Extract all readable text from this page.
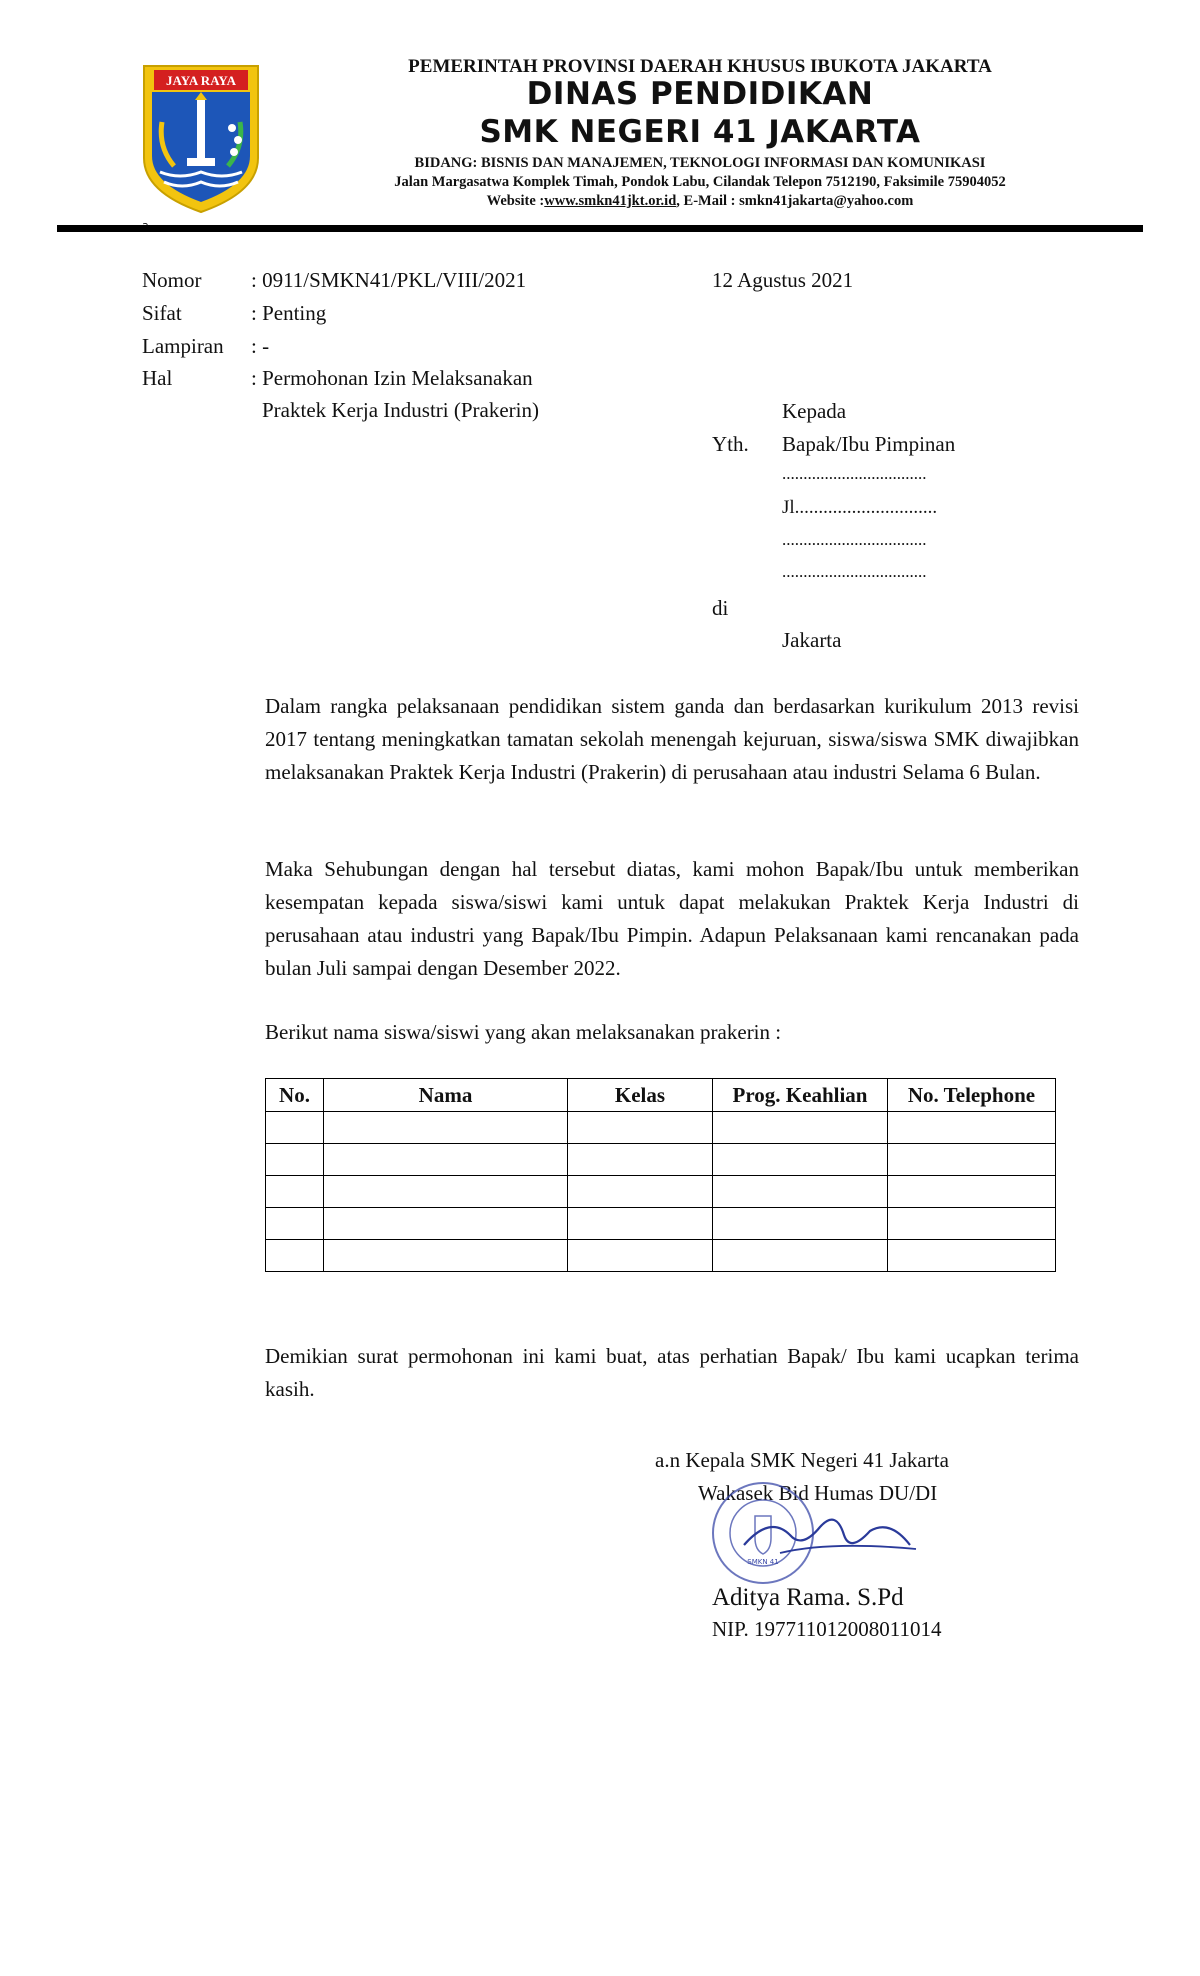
JAYA RAYA
PEMERINTAH PROVINSI DAERAH KHUSUS IBUKOTA JAKARTA
DINAS PENDIDIKAN
SMK NEGERI 41 JAKARTA
BIDANG: BISNIS DAN MANAJEMEN, TEKNOLOGI INFORMASI DAN KOMUNIKASI
Jalan Margasatwa Komplek Timah, Pondok Labu, Cilandak Telepon 7512190, Faksimile 75904052
Website :www.smkn41jkt.or.id, E-Mail : smkn41jakarta@yahoo.com
Nomor : 0911/SMKN41/PKL/VIII/2021	12 Agustus 2021
Sifat	: Penting
Lampiran : -
Hal	: Permohonan Izin Melaksanakan
Praktek Kerja Industri (Prakerin)	Kepada
Yth. Bapak/Ibu Pimpinan
..................................
Jl..............................
..................................
..................................
di
Jakarta
Dalam rangka pelaksanaan pendidikan sistem ganda dan berdasarkan kurikulum 2013 revisi 2017 tentang meningkatkan tamatan sekolah menengah kejuruan, siswa/siswa SMK diwajibkan melaksanakan Praktek Kerja Industri (Prakerin) di perusahaan atau industri Selama 6 Bulan.
Maka Sehubungan dengan hal tersebut diatas, kami mohon Bapak/Ibu untuk memberikan kesempatan kepada siswa/siswi kami untuk dapat melakukan Praktek Kerja Industri di perusahaan atau industri yang Bapak/Ibu Pimpin. Adapun Pelaksanaan kami rencanakan pada bulan Juli sampai dengan Desember 2022.
Berikut nama siswa/siswi yang akan melaksanakan prakerin :
No.	Nama	Kelas	Prog. Keahlian	No. Telephone

Demikian surat permohonan ini kami buat, atas perhatian Bapak/ Ibu kami ucapkan terima kasih.
a.n Kepala SMK Negeri 41 Jakarta
Wakasek Bid Humas DU/DI
SMKN 41
Aditya Rama. S.Pd
NIP. 197711012008011014
